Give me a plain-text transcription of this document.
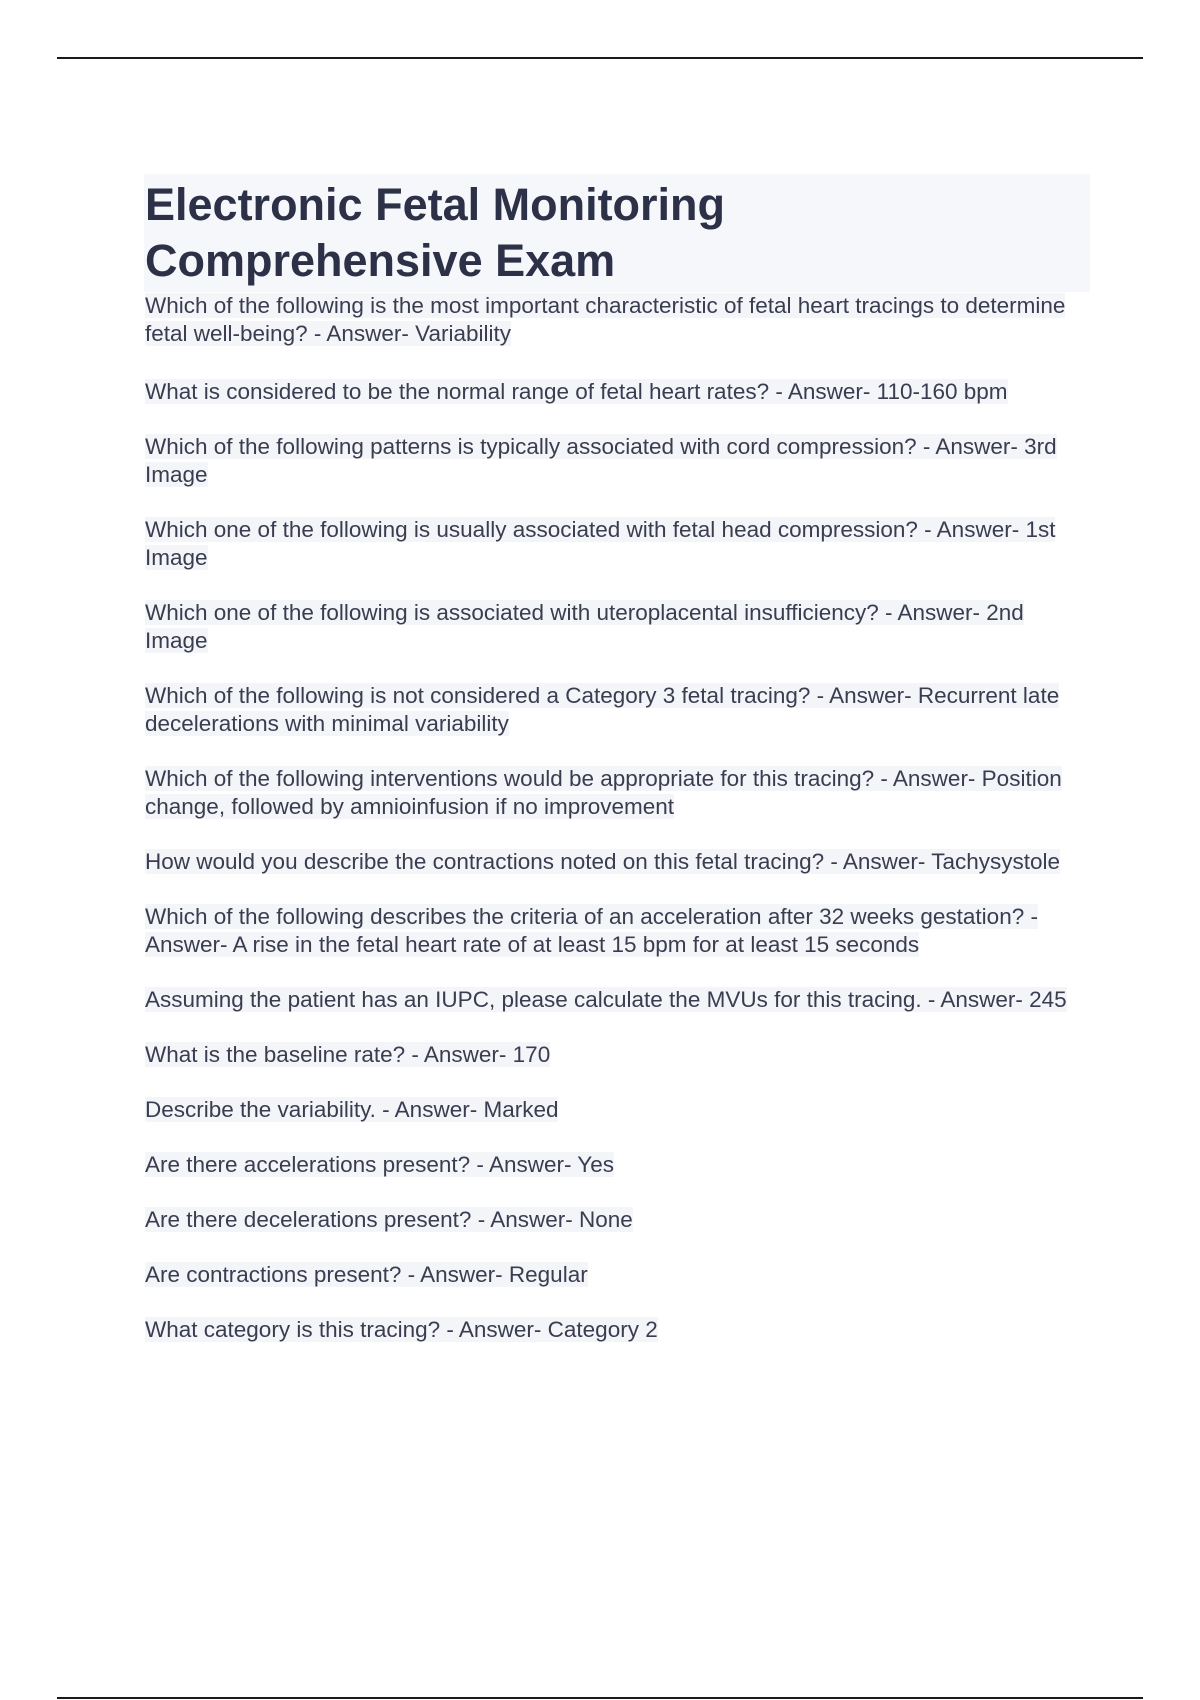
Electronic Fetal Monitoring
Comprehensive Exam
Which of the following is the most important characteristic of fetal heart tracings to determine fetal well-being? - Answer- Variability
What is considered to be the normal range of fetal heart rates? - Answer- 110-160 bpm
Which of the following patterns is typically associated with cord compression? - Answer- 3rd Image
Which one of the following is usually associated with fetal head compression? - Answer- 1st Image
Which one of the following is associated with uteroplacental insufficiency? - Answer- 2nd Image
Which of the following is not considered a Category 3 fetal tracing? - Answer- Recurrent late decelerations with minimal variability
Which of the following interventions would be appropriate for this tracing? - Answer- Position change, followed by amnioinfusion if no improvement
How would you describe the contractions noted on this fetal tracing? - Answer- Tachysystole
Which of the following describes the criteria of an acceleration after 32 weeks gestation? - Answer- A rise in the fetal heart rate of at least 15 bpm for at least 15 seconds
Assuming the patient has an IUPC, please calculate the MVUs for this tracing. - Answer- 245
What is the baseline rate? - Answer- 170
Describe the variability. - Answer- Marked
Are there accelerations present? - Answer- Yes
Are there decelerations present? - Answer- None
Are contractions present? - Answer- Regular
What category is this tracing? - Answer- Category 2
